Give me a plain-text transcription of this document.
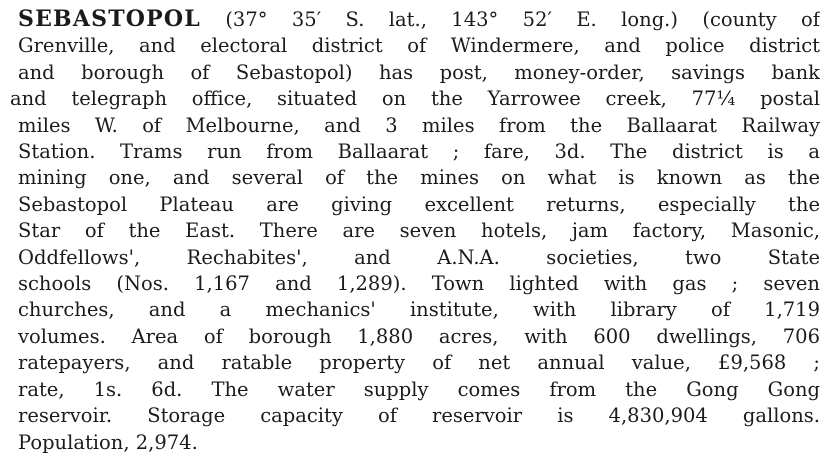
SEBASTOPOL (37° 35′ S. lat., 143° 52′ E. long.) (county of
Grenville, and electoral district of Windermere, and police district
and borough of Sebastopol) has post, money-order, savings bank
and telegraph office, situated on the Yarrowee creek, 77¼ postal
miles W. of Melbourne, and 3 miles from the Ballaarat Railway
Station. Trams run from Ballaarat ; fare, 3d. The district is a
mining one, and several of the mines on what is known as the
Sebastopol Plateau are giving excellent returns, especially the
Star of the East. There are seven hotels, jam factory, Masonic,
Oddfellows', Rechabites', and A.N.A. societies, two State
schools (Nos. 1,167 and 1,289). Town lighted with gas ; seven
churches, and a mechanics' institute, with library of 1,719
volumes. Area of borough 1,880 acres, with 600 dwellings, 706
ratepayers, and ratable property of net annual value, £9,568 ;
rate, 1s. 6d. The water supply comes from the Gong Gong
reservoir. Storage capacity of reservoir is 4,830,904 gallons.
Population, 2,974.
